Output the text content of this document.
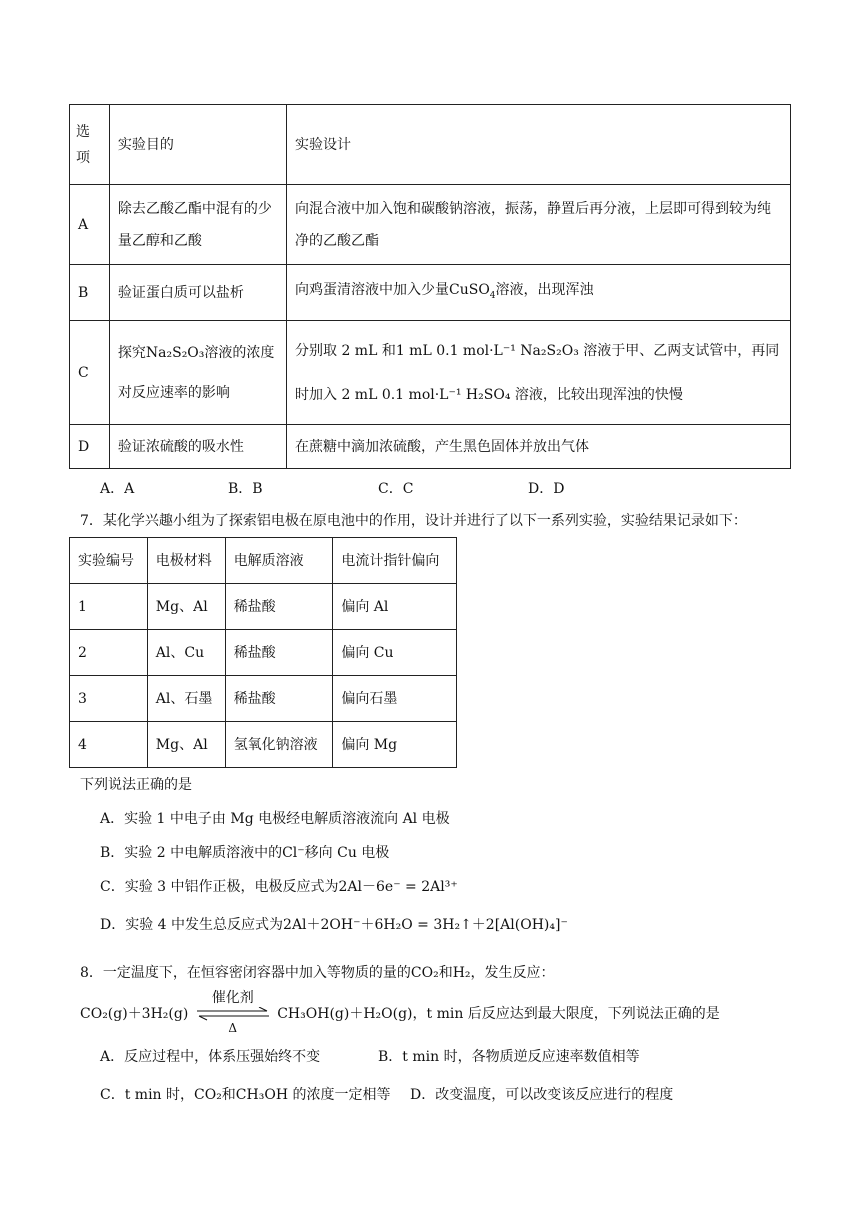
选项	实验目的	实验设计
A	除去乙酸乙酯中混有的少量乙醇和乙酸	向混合液中加入饱和碳酸钠溶液，振荡，静置后再分液，上层即可得到较为纯净的乙酸乙酯
B	验证蛋白质可以盐析	向鸡蛋清溶液中加入少量CuSO$_4$溶液，出现浑浊
C	探究Na₂S₂O₃溶液的浓度对反应速率的影响	分别取 2 mL 和1 mL 0.1 mol·L⁻¹ Na₂S₂O₃ 溶液于甲、乙两支试管中，再同
时加入 2 mL 0.1 mol·L⁻¹ H₂SO₄ 溶液，比较出现浑浊的快慢

D	验证浓硫酸的吸水性	在蔗糖中滴加浓硫酸，产生黑色固体并放出气体
A．A	B．B	C．C	D．D
7．某化学兴趣小组为了探索铝电极在原电池中的作用，设计并进行了以下一系列实验，实验结果记录如下：
实验编号	电极材料	电解质溶液	电流计指针偏向
1	Mg、Al	稀盐酸	偏向 Al
2	Al、Cu	稀盐酸	偏向 Cu
3	Al、石墨	稀盐酸	偏向石墨
4	Mg、Al	氢氧化钠溶液	偏向 Mg
下列说法正确的是
A．实验 1 中电子由 Mg 电极经电解质溶液流向 Al 电极
B．实验 2 中电解质溶液中的Cl⁻移向 Cu 电极
C．实验 3 中铝作正极，电极反应式为2Al－6e⁻ = 2Al³⁺
D．实验 4 中发生总反应式为2Al＋2OH⁻＋6H₂O = 3H₂↑＋2[Al(OH)₄]⁻
8．一定温度下，在恒容密闭容器中加入等物质的量的CO₂和H₂，发生反应：
CO₂(g)＋3H₂(g)
催化剂
Δ
CH₃OH(g)＋H₂O(g)，t min 后反应达到最大限度，下列说法正确的是
A．反应过程中，体系压强始终不变	B．t min 时，各物质逆反应速率数值相等
C．t min 时，CO₂和CH₃OH 的浓度一定相等 D．改变温度，可以改变该反应进行的程度
